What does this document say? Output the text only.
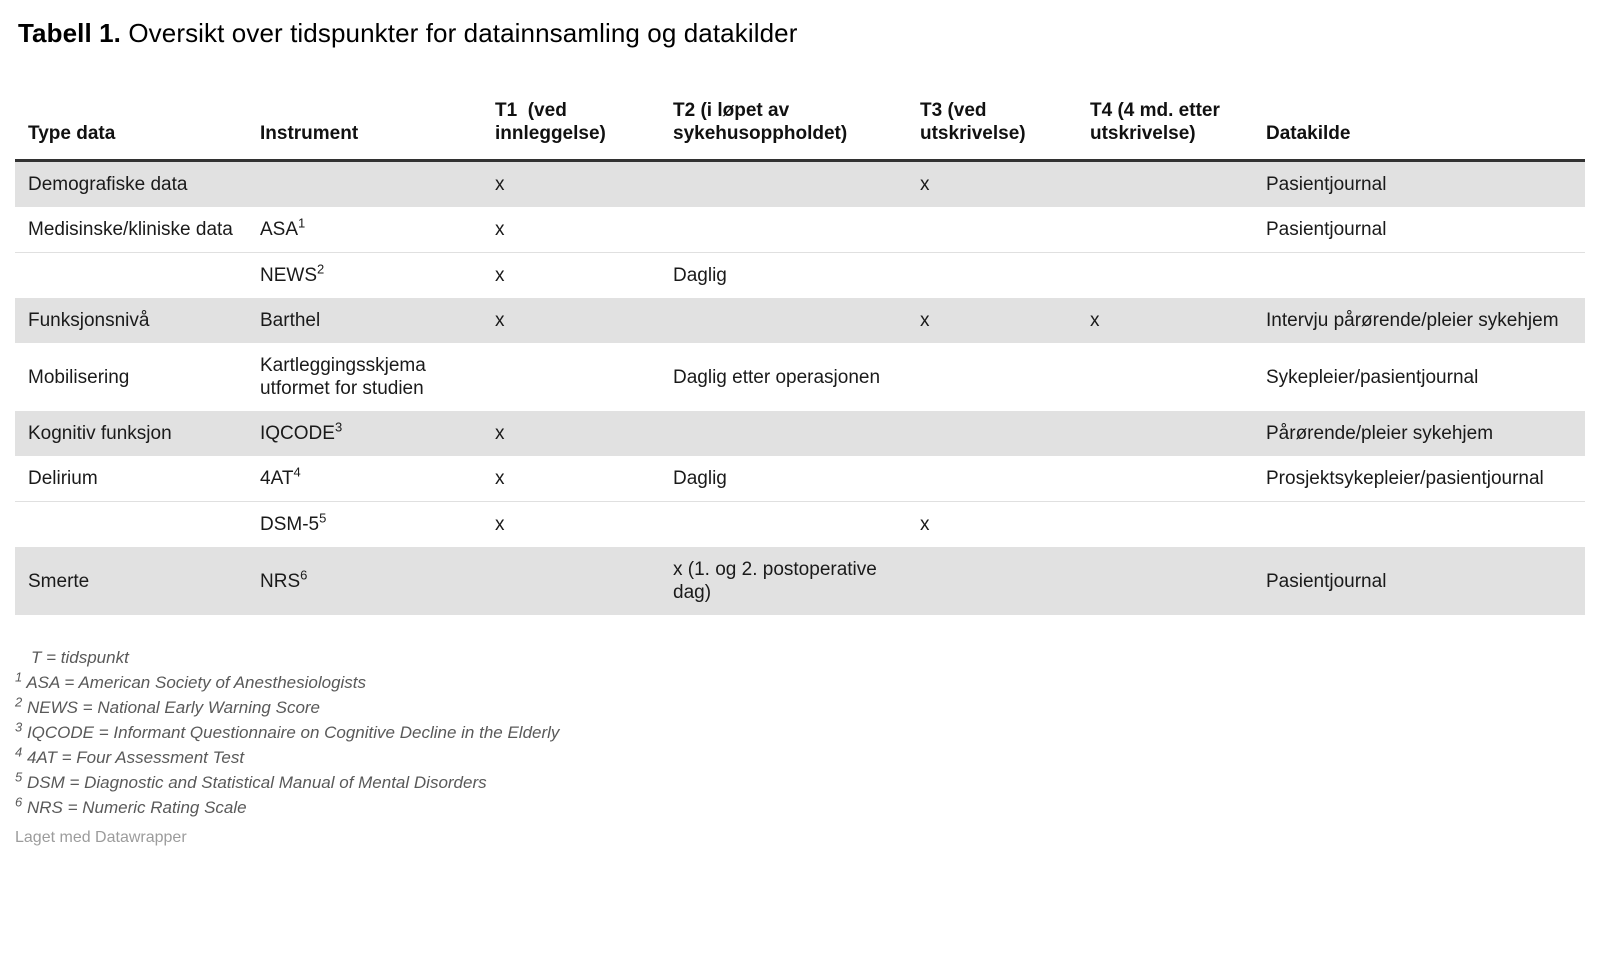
Tabell 1. Oversikt over tidspunkter for datainnsamling og datakilder
Type data	Instrument	T1  (ved innleggelse)	T2 (i løpet av sykehusoppholdet)	T3 (ved utskrivelse)	T4 (4 md. etter utskrivelse)	Datakilde
Demografiske data		x		x		Pasientjournal
Medisinske/kliniske data	ASA$^1$	x				Pasientjournal
	NEWS$^2$	x	Daglig			
Funksjonsnivå	Barthel	x		x	x	Intervju pårørende/pleier sykehjem
Mobilisering	Kartleggingsskjema utformet for studien		Daglig etter operasjonen			Sykepleier/pasientjournal
Kognitiv funksjon	IQCODE$^3$	x				Pårørende/pleier sykehjem
Delirium	$4AT^4$	x	Daglig			Prosjektsykepleier/pasientjournal
	DSM-$5^5$	x		x		
Smerte	NRS$^6$		x (1. og 2. postoperative dag)			Pasientjournal
T = tidspunkt
$^1$ ASA = American Society of Anesthesiologists
$^2$ NEWS = National Early Warning Score
$^3$ IQCODE = Informant Questionnaire on Cognitive Decline in the Elderly
$^4$ 4AT = Four Assessment Test
$^5$ DSM = Diagnostic and Statistical Manual of Mental Disorders
$^6$ NRS = Numeric Rating Scale
Laget med Datawrapper
